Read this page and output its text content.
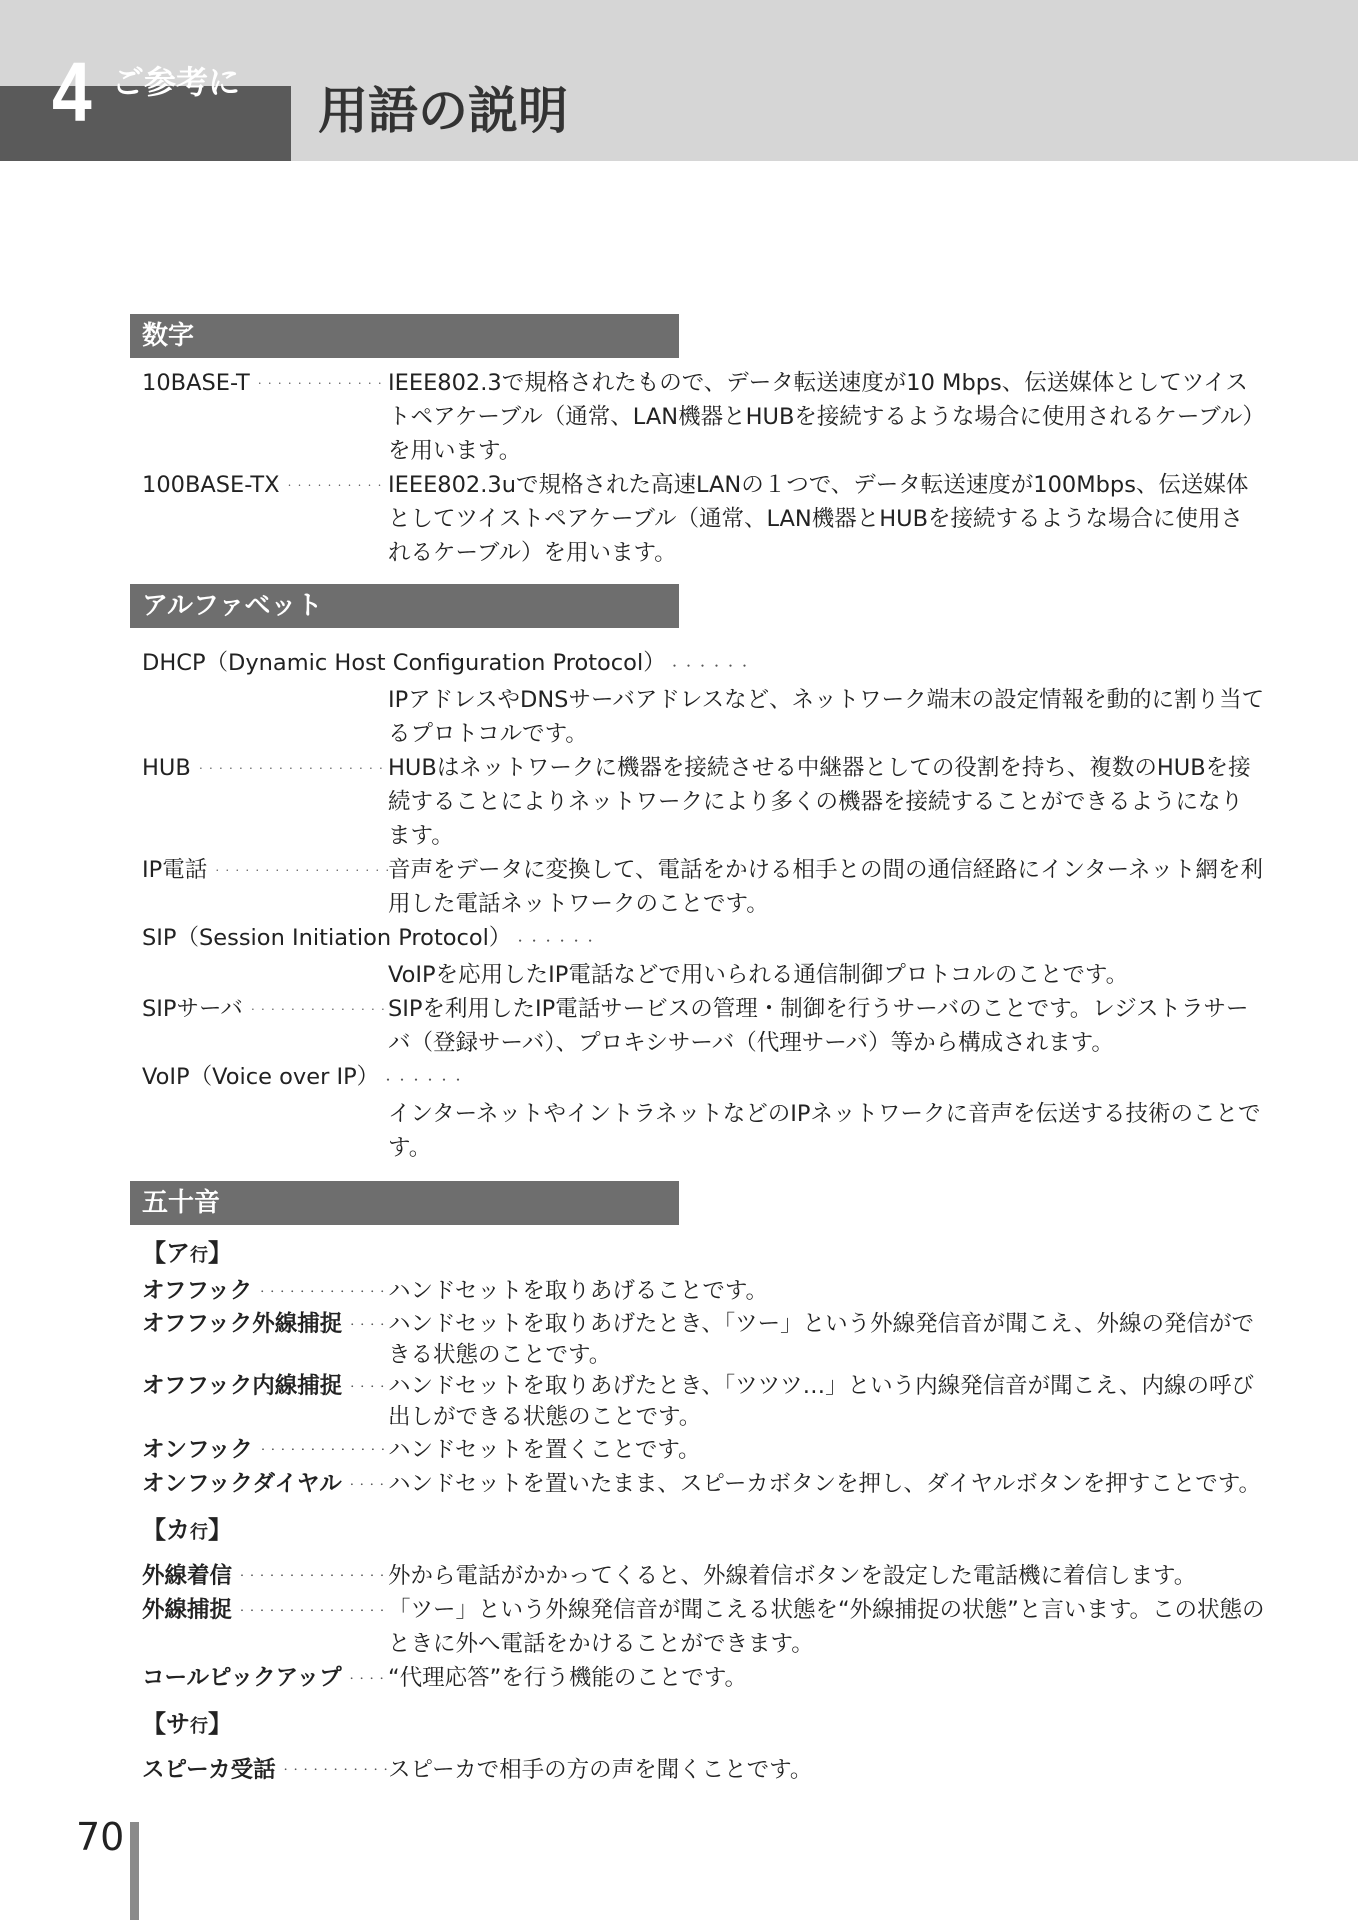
4 ご参考に 用語の説明
数字
10BASE-T ・・・・・・・・・・・・・・・・・・・・・・・・・・・・・・・・・・・・・・・・・・	IEEE802.3で規格されたもので、データ転送速度が10 Mbps、伝送媒体としてツイストペアケーブル（通常、LAN機器とHUBを接続するような場合に使用されるケーブル）を用います。
100BASE-TX ・・・・・・・・・・・・・・・・・・・・・・・・・・・・・・・・・・・・・・・・・・	IEEE802.3uで規格された高速LANの１つで、データ転送速度が100Mbps、伝送媒体としてツイストペアケーブル（通常、LAN機器とHUBを接続するような場合に使用されるケーブル）を用います。
アルファベット
DHCP（Dynamic Host Configuration Protocol） ・・・・・・
IPアドレスやDNSサーバアドレスなど、ネットワーク端末の設定情報を動的に割り当てるプロトコルです。
HUB ・・・・・・・・・・・・・・・・・・・・・・・・・・・・・・・・・・・・・・・・・・	HUBはネットワークに機器を接続させる中継器としての役割を持ち、複数のHUBを接続することによりネットワークにより多くの機器を接続することができるようになります。
IP電話 ・・・・・・・・・・・・・・・・・・・・・・・・・・・・・・・・・・・・・・・・・・	音声をデータに変換して、電話をかける相手との間の通信経路にインターネット網を利用した電話ネットワークのことです。
SIP（Session Initiation Protocol） ・・・・・・
VoIPを応用したIP電話などで用いられる通信制御プロトコルのことです。
SIPサーバ ・・・・・・・・・・・・・・・・・・・・・・・・・・・・・・・・・・・・・・・・・・	SIPを利用したIP電話サービスの管理・制御を行うサーバのことです。レジストラサーバ（登録サーバ）、プロキシサーバ（代理サーバ）等から構成されます。
VoIP（Voice over IP） ・・・・・・
インターネットやイントラネットなどのIPネットワークに音声を伝送する技術のことです。
五十音
【ア行】
オフフック ・・・・・・・・・・・・・・・・・・・・・・・・・・・・・・・・・・・・・・・・・・	ハンドセットを取りあげることです。
オフフック外線捕捉 ・・・・・・・・・・・・・・・・・・・・・・・・・・・・・・・・・・・・・・・・・・ ハンドセットを取りあげたとき、「ツー」という外線発信音が聞こえ、外線の発信ができる状態のことです。
オフフック内線捕捉 ・・・・・・・・・・・・・・・・・・・・・・・・・・・・・・・・・・・・・・・・・・ ハンドセットを取りあげたとき、「ツツツ…」という内線発信音が聞こえ、内線の呼び出しができる状態のことです。
オンフック ・・・・・・・・・・・・・・・・・・・・・・・・・・・・・・・・・・・・・・・・・・	ハンドセットを置くことです。
オンフックダイヤル ・・・・・・・・・・・・・・・・・・・・・・・・・・・・・・・・・・・・・・・・・・ ハンドセットを置いたまま、スピーカボタンを押し、ダイヤルボタンを押すことです。
【カ行】
外線着信 ・・・・・・・・・・・・・・・・・・・・・・・・・・・・・・・・・・・・・・・・・・	外から電話がかかってくると、外線着信ボタンを設定した電話機に着信します。
外線捕捉 ・・・・・・・・・・・・・・・・・・・・・・・・・・・・・・・・・・・・・・・・・・	「ツー」という外線発信音が聞こえる状態を“外線捕捉の状態”と言います。この状態のときに外へ電話をかけることができます。
コールピックアップ ・・・・・・・・・・・・・・・・・・・・・・・・・・・・・・・・・・・・・・・・・・ “代理応答”を行う機能のことです。
【サ行】
スピーカ受話 ・・・・・・・・・・・・・・・・・・・・・・・・・・・・・・・・・・・・・・・・・・	スピーカで相手の方の声を聞くことです。
70
